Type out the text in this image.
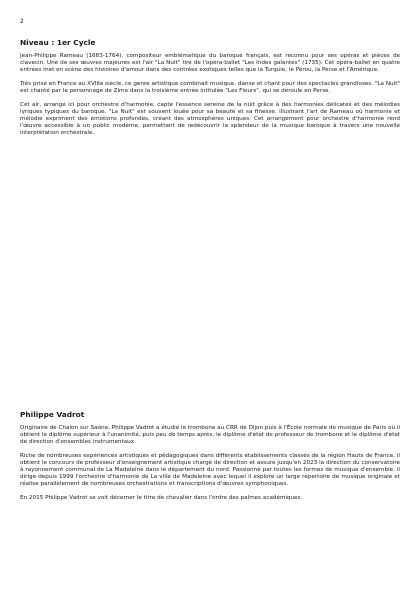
2
Niveau : 1er Cycle

Jean-Philippe Rameau (1683-1764), compositeur emblématique du baroque français, est reconnu pour ses opéras et pièces de clavecin. Une de ses œuvres majeures est l'air "La Nuit" tiré de l'opéra-ballet "Les Indes galantes" (1735). Cet opéra-ballet en quatre entrées met en scène des histoires d'amour dans des contrées exotiques telles que la Turquie, le Pérou, la Perse et l'Amérique.

Très prisé en France au XVIIIe siècle, ce genre artistique combinait musique, danse et chant pour des spectacles grandioses. "La Nuit" est chanté par le personnage de Zima dans la troisième entrée intitulée "Les Fleurs", qui se déroule en Perse.

Cet air, arrangé ici pour orchestre d'harmonie, capte l'essence sereine de la nuit grâce à des harmonies délicates et des mélodies lyriques typiques du baroque. "La Nuit" est souvent louée pour sa beauté et sa finesse, illustrant l'art de Rameau où harmonie et mélodie expriment des émotions profondes, créant des atmosphères uniques. Cet arrangement pour orchestre d'harmonie rend l'œuvre accessible à un public moderne, permettant de redécouvrir la splendeur de la musique baroque à travers une nouvelle interprétation orchestrale.

Philippe Vadrot

Originaire de Chalon sur Saône, Philippe Vadrot a étudié le trombone au CRR de Dijon puis à l'École normale de musique de Paris où il obtient le diplôme supérieur à l'unanimité, puis peu de temps après, le diplôme d'état de professeur de trombone et le diplôme d'état de direction d'ensembles instrumentaux.

Riche de nombreuses expériences artistiques et pédagogiques dans différents établissements classés de la région Hauts de France, il obtient le concours de professeur d'enseignement artistique chargé de direction et assure jusqu'en 2023 la direction du conservatoire à rayonnement communal de La Madeleine dans le département du nord. Passionné par toutes les formes de musique d'ensemble, il dirige depuis 1999 l'orchestre d'harmonie de La ville de Madeleine avec lequel il explore un large répertoire de musique originale et réalise parallèlement de nombreuses orchestrations et transcriptions d'œuvres symphoniques.

En 2015 Philippe Vadrot se voit décerner le titre de chevalier dans l'ordre des palmes académiques.
